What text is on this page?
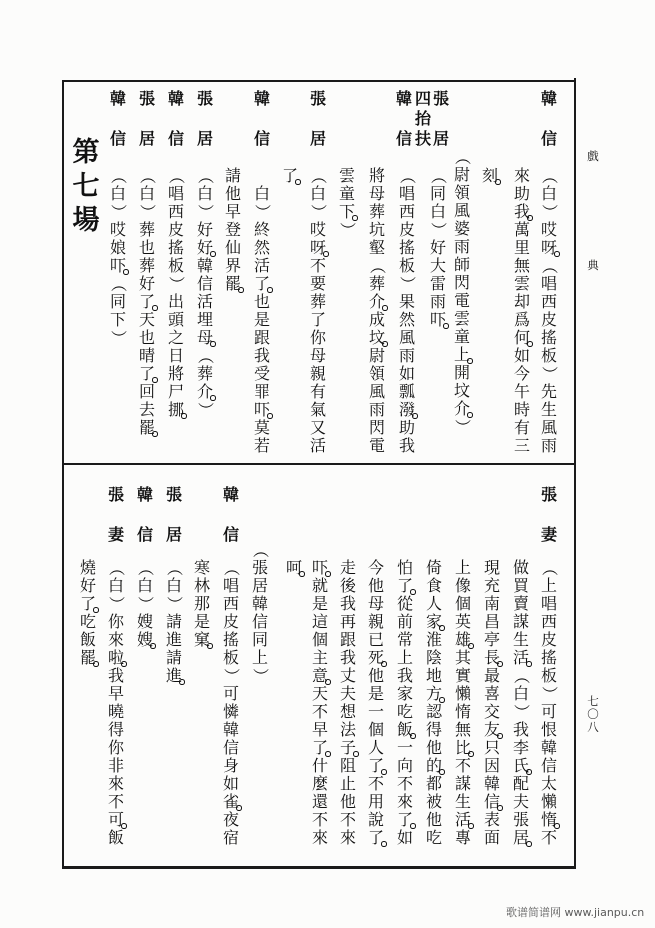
戲
典
七
〇
八
韓
信
（
白
）
哎
呀
（
唱
西
皮
搖
板
）
先
生
風
雨
來
助
我
萬
里
無
雲
却
爲
何
如
今
午
時
有
三
刻
（
尉
領
風
婆
雨
師
閃
電
雲
童
上
開
坟
介
）
張
居
四
抬
扶
韓
信
（
同
白
）
好
大
雷
雨
吓
（
唱
西
皮
搖
板
）
果
然
風
雨
如
瓢
潑
助
我
將
母
葬
坑
壑
（
葬
介
成
坟
尉
領
風
雨
閃
電
雲
童
下
）
張
居
（
白
）
哎
呀
不
要
葬
了
你
母
親
有
氣
又
活
了
韓
信
白
）
終
然
活
了
也
是
跟
我
受
罪
吓
莫
若
請
他
早
登
仙
界
罷
張
居
（
白
）
好
好
韓
信
活
埋
母
（
葬
介
）
韓
信
（
唱
西
皮
搖
板
）
出
頭
之
日
將
尸
挪
張
居
（
白
）
葬
也
葬
好
了
天
也
晴
了
回
去
罷
韓
信
（
白
）
哎
娘
吓
（
同
下
）
第
七
場
張
妻
（
上
唱
西
皮
搖
板
）
可
恨
韓
信
太
懶
惰
不
做
買
賣
謀
生
活
（
白
）
我
李
氏
配
夫
張
居
現
充
南
昌
亭
長
最
喜
交
友
只
因
韓
信
表
面
上
像
個
英
雄
其
實
懶
惰
無
比
不
謀
生
活
專
倚
食
人
家
淮
陰
地
方
認
得
他
的
都
被
他
吃
怕
了
從
前
常
上
我
家
吃
飯
一
向
不
來
了
如
今
他
母
親
已
死
他
是
一
個
人
了
不
用
說
了
走
後
我
再
跟
我
丈
夫
想
法
子
阻
止
他
不
來
吓
就
是
這
個
主
意
天
不
早
了
什
麼
還
不
來
呵
（
張
居
韓
信
同
上
）
韓
信
（
唱
西
皮
搖
板
）
可
憐
韓
信
身
如
雀
夜
宿
寒
林
那
是
窠
張
居
（
白
）
請
進
請
進
韓
信
（
白
）
嫂
嫂
張
妻
（
白
）
你
來
啦
我
早
曉
得
你
非
來
不
可
飯
燒
好
了
吃
飯
罷
歌谱简谱网 www.jianpu.cn
